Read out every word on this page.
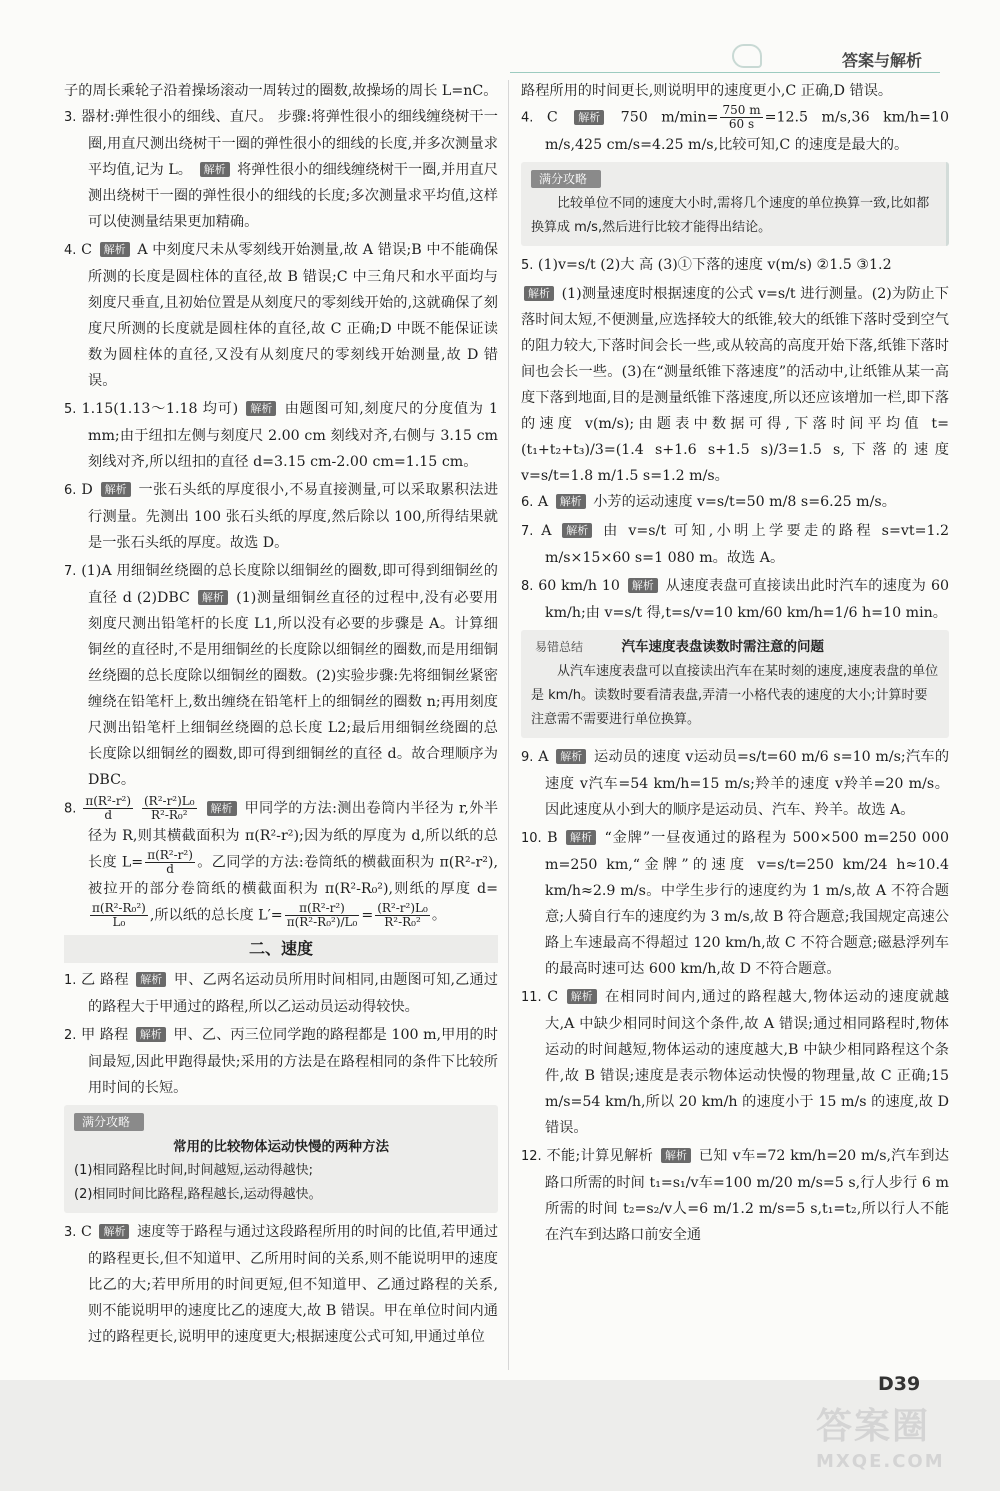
答案与解析

子的周长乘轮子沿着操场滚动一周转过的圈数,故操场的周长 L=nC。

3. 器材:弹性很小的细线、直尺。 步骤:将弹性很小的细线缠绕树干一圈,用直尺测出绕树干一圈的弹性很小的细线的长度,并多次测量求平均值,记为 L。 解析 将弹性很小的细线缠绕树干一圈,并用直尺测出绕树干一圈的弹性很小的细线的长度;多次测量求平均值,这样可以使测量结果更加精确。

4. C 解析 A 中刻度尺未从零刻线开始测量,故 A 错误;B 中不能确保所测的长度是圆柱体的直径,故 B 错误;C 中三角尺和水平面均与刻度尺垂直,且初始位置是从刻度尺的零刻线开始的,这就确保了刻度尺所测的长度就是圆柱体的直径,故 C 正确;D 中既不能保证读数为圆柱体的直径,又没有从刻度尺的零刻线开始测量,故 D 错误。

5. 1.15(1.13～1.18 均可) 解析 由题图可知,刻度尺的分度值为 1 mm;由于纽扣左侧与刻度尺 2.00 cm 刻线对齐,右侧与 3.15 cm 刻线对齐,所以纽扣的直径 d=3.15 cm-2.00 cm=1.15 cm。

6. D 解析 一张石头纸的厚度很小,不易直接测量,可以采取累积法进行测量。先测出 100 张石头纸的厚度,然后除以 100,所得结果就是一张石头纸的厚度。故选 D。

7. (1)A 用细铜丝绕圈的总长度除以细铜丝的圈数,即可得到细铜丝的直径 d (2)DBC 解析 (1)测量细铜丝直径的过程中,没有必要用刻度尺测出铅笔杆的长度 L1,所以没有必要的步骤是 A。计算细铜丝的直径时,不是用细铜丝的长度除以细铜丝的圈数,而是用细铜丝绕圈的总长度除以细铜丝的圈数。(2)实验步骤:先将细铜丝紧密缠绕在铅笔杆上,数出缠绕在铅笔杆上的细铜丝的圈数 n;再用刻度尺测出铅笔杆上细铜丝绕圈的总长度 L2;最后用细铜丝绕圈的总长度除以细铜丝的圈数,即可得到细铜丝的直径 d。故合理顺序为DBC。

8. $\frac{\text{π(R²-r²)}}{d}$
$\frac{\text{(R²-r²)L₀}}{\text{R²-R₀²}}$ 解析 甲同学的方法:测出卷筒内半径为 r,外半径为 R,则其横截面积为 π(R²-r²);因为纸的厚度为 d,所以纸的总长度 $L= \frac{\text{π(R²-r²)}}{d}$ 。乙同学的方法:卷筒纸的横截面积为 π(R²-r²),被拉开的部分卷筒纸的横截面积为 π(R²-R₀²),则纸的厚度 d=
$\frac{\text{π(R²-R₀²)}}{\text{L₀}}$ ,所以纸的总长度 $L'= \frac{\text{π(R²-r²)}}{\text{π(R²-R₀²)/L₀}} = \frac{\text{(R²-r²)L₀}}{\text{R²-R₀²}}$ 。

二、速度

1. 乙 路程 解析 甲、乙两名运动员所用时间相同,由题图可知,乙通过的路程大于甲通过的路程,所以乙运动员运动得较快。

2. 甲 路程 解析 甲、乙、丙三位同学跑的路程都是 100 m,甲用的时间最短,因此甲跑得最快;采用的方法是在路程相同的条件下比较所用时间的长短。

满分攻略
常用的比较物体运动快慢的两种方法
(1)相同路程比时间,时间越短,运动得越快;
(2)相同时间比路程,路程越长,运动得越快。

3. C 解析 速度等于路程与通过这段路程所用的时间的比值,若甲通过的路程更长,但不知道甲、乙所用时间的关系,则不能说明甲的速度比乙的大;若甲所用的时间更短,但不知道甲、乙通过路程的关系,则不能说明甲的速度比乙的速度大,故 B 错误。甲在单位时间内通过的路程更长,说明甲的速度更大;根据速度公式可知,甲通过单位

路程所用的时间更长,则说明甲的速度更小,C 正确,D 错误。

4. C 解析 750 $m/\min= \frac{750 m}{60 s} =12.5$ m/s,36 km/h=10 m/s,425 cm/s=4.25 m/s,比较可知,C 的速度是最大的。

满分攻略
比较单位不同的速度大小时,需将几个速度的单位换算一致,比如都换算成 m/s,然后进行比较才能得出结论。

5. (1)v=s/t (2)大 高 (3)①下落的速度 v(m/s) ②1.5 ③1.2

解析 (1)测量速度时根据速度的公式 v=s/t 进行测量。(2)为防止下落时间太短,不便测量,应选择较大的纸锥,较大的纸锥下落时受到空气的阻力较大,下落时间会长一些,或从较高的高度开始下落,纸锥下落时间也会长一些。(3)在“测量纸锥下落速度”的活动中,让纸锥从某一高度下落到地面,目的是测量纸锥下落速度,所以还应该增加一栏,即下落的速度 v(m/s);由题表中数据可得,下落时间平均值 t=(t₁+t₂+t₃)/3=(1.4 s+1.6 s+1.5 s)/3=1.5 s,下落的速度 v=s/t=1.8 m/1.5 s=1.2 m/s。

6. A 解析 小芳的运动速度 v=s/t=50 m/8 s=6.25 m/s。

7. A 解析 由 v=s/t 可知,小明上学要走的路程 s=vt=1.2 m/s×15×60 s=1 080 m。故选 A。

8. 60 km/h 10 解析 从速度表盘可直接读出此时汽车的速度为 60 km/h;由 v=s/t 得,t=s/v=10 km/60 km/h=1/6 h=10 min。

易错总结	汽车速度表盘读数时需注意的问题
从汽车速度表盘可以直接读出汽车在某时刻的速度,速度表盘的单位是 km/h。读数时要看清表盘,弄清一小格代表的速度的大小;计算时要注意需不需要进行单位换算。

9. A 解析 运动员的速度 v运动员=s/t=60 m/6 s=10 m/s;汽车的速度 v汽车=54 km/h=15 m/s;羚羊的速度 v羚羊=20 m/s。因此速度从小到大的顺序是运动员、汽车、羚羊。故选 A。

10. B 解析 “金牌”一昼夜通过的路程为 500×500 m=250 000 m=250 km,“金牌”的速度 v=s/t=250 km/24 h≈10.4 km/h≈2.9 m/s。中学生步行的速度约为 1 m/s,故 A 不符合题意;人骑自行车的速度约为 3 m/s,故 B 符合题意;我国规定高速公路上车速最高不得超过 120 km/h,故 C 不符合题意;磁悬浮列车的最高时速可达 600 km/h,故 D 不符合题意。

11. C 解析 在相同时间内,通过的路程越大,物体运动的速度就越大,A 中缺少相同时间这个条件,故 A 错误;通过相同路程时,物体运动的时间越短,物体运动的速度越大,B 中缺少相同路程这个条件,故 B 错误;速度是表示物体运动快慢的物理量,故 C 正确;15 m/s=54 km/h,所以 20 km/h 的速度小于 15 m/s 的速度,故 D 错误。

12. 不能;计算见解析 解析 已知 v车=72 km/h=20 m/s,汽车到达路口所需的时间 t₁=s₁/v车=100 m/20 m/s=5 s,行人步行 6 m 所需的时间 t₂=s₂/v人=6 m/1.2 m/s=5 s,t₁=t₂,所以行人不能在汽车到达路口前安全通

D39
答案圈
MXQE.COM
